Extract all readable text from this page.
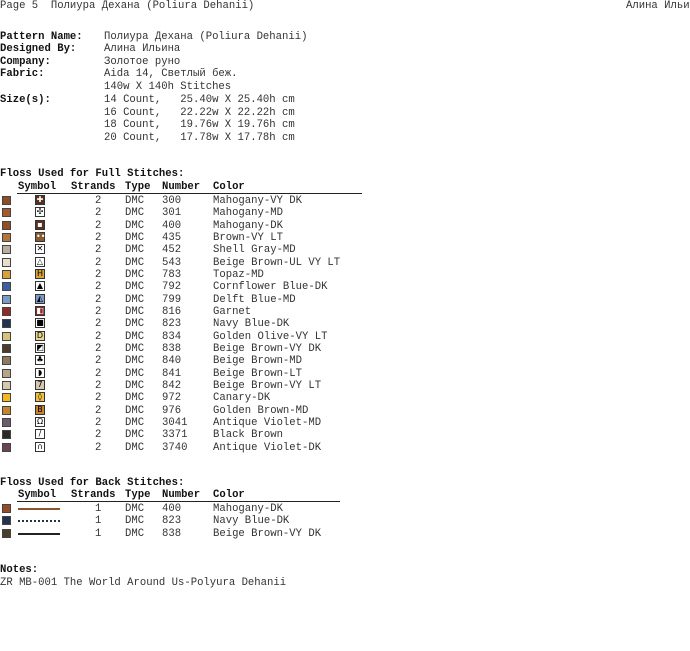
Page 5  Полиура Дехана (Poliura Dehanii)	Алина Ильи
Pattern Name: Полиура Дехана (Poliura Dehanii)
Designed By:	Алина Ильина
Company:	Золотое руно
Fabric:	Aida 14, Светлый беж.
140w X 140h Stitches
Size(s):	14 Count,   25.40w X 25.40h cm
16 Count,   22.22w X 22.22h cm
18 Count,   19.76w X 19.76h cm
20 Count,   17.78w X 17.78h cm
Floss Used for Full Stitches:
Symbol Strands Type Number Color
✚	2 DMC 300	Mahogany-VY DK
✣	2 DMC 301	Mahogany-MD
▪	2 DMC 400	Mahogany-DK
••	2 DMC 435	Brown-VY LT
✕	2 DMC 452	Shell Gray-MD
△	2 DMC 543	Beige Brown-UL VY LT
H	2 DMC 783	Topaz-MD
▲	2 DMC 792	Cornflower Blue-DK
◭	2 DMC 799	Delft Blue-MD
◧	2 DMC 816	Garnet
■	2 DMC 823	Navy Blue-DK
D	2 DMC 834	Golden Olive-VY LT
◩	2 DMC 838	Beige Brown-VY DK
♣	2 DMC 840	Beige Brown-MD
◗	2 DMC 841	Beige Brown-LT
7	2 DMC 842	Beige Brown-VY LT
◊	2 DMC 972	Canary-DK
B	2 DMC 976	Golden Brown-MD
Ω	2 DMC 3041 Antique Violet-MD
/	2 DMC 3371 Black Brown
∩	2 DMC 3740 Antique Violet-DK
Floss Used for Back Stitches:
Symbol Strands Type Number Color
1 DMC 400	Mahogany-DK
1 DMC 823	Navy Blue-DK
1 DMC 838	Beige Brown-VY DK
Notes:
ZR MB-001 The World Around Us-Polyura Dehanii
